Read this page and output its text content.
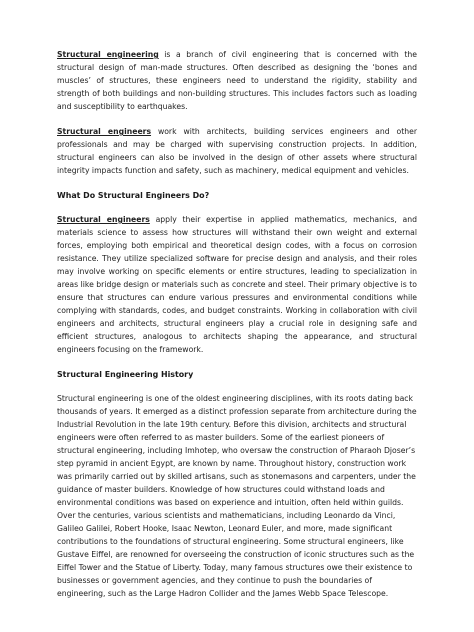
Structural engineering is a branch of civil engineering that is concerned with the structural design of man-made structures. Often described as designing the ‘bones and muscles’ of structures, these engineers need to understand the rigidity, stability and strength of both buildings and non-building structures. This includes factors such as loading and susceptibility to earthquakes.

Structural engineers work with architects, building services engineers and other professionals and may be charged with supervising construction projects. In addition, structural engineers can also be involved in the design of other assets where structural integrity impacts function and safety, such as machinery, medical equipment and vehicles.

What Do Structural Engineers Do?

Structural engineers apply their expertise in applied mathematics, mechanics, and materials science to assess how structures will withstand their own weight and external forces, employing both empirical and theoretical design codes, with a focus on corrosion resistance. They utilize specialized software for precise design and analysis, and their roles may involve working on specific elements or entire structures, leading to specialization in areas like bridge design or materials such as concrete and steel. Their primary objective is to ensure that structures can endure various pressures and environmental conditions while complying with standards, codes, and budget constraints. Working in collaboration with civil engineers and architects, structural engineers play a crucial role in designing safe and efficient structures, analogous to architects shaping the appearance, and structural engineers focusing on the framework.

Structural Engineering History

Structural engineering is one of the oldest engineering disciplines, with its roots dating back thousands of years. It emerged as a distinct profession separate from architecture during the Industrial Revolution in the late 19th century. Before this division, architects and structural engineers were often referred to as master builders. Some of the earliest pioneers of structural engineering, including Imhotep, who oversaw the construction of Pharaoh Djoser’s step pyramid in ancient Egypt, are known by name. Throughout history, construction work was primarily carried out by skilled artisans, such as stonemasons and carpenters, under the guidance of master builders. Knowledge of how structures could withstand loads and environmental conditions was based on experience and intuition, often held within guilds. Over the centuries, various scientists and mathematicians, including Leonardo da Vinci, Galileo Galilei, Robert Hooke, Isaac Newton, Leonard Euler, and more, made significant contributions to the foundations of structural engineering. Some structural engineers, like Gustave Eiffel, are renowned for overseeing the construction of iconic structures such as the Eiffel Tower and the Statue of Liberty. Today, many famous structures owe their existence to businesses or government agencies, and they continue to push the boundaries of engineering, such as the Large Hadron Collider and the James Webb Space Telescope.
